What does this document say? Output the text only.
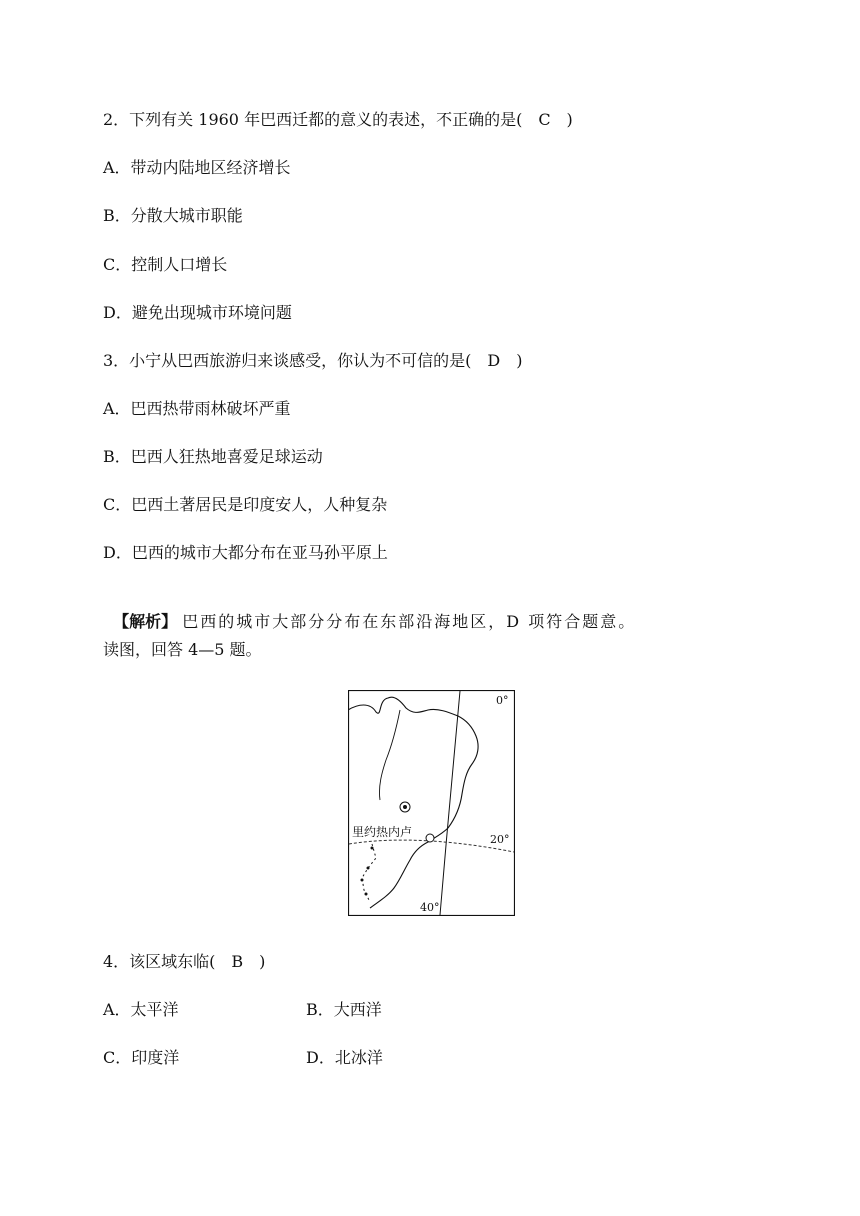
2．下列有关 1960 年巴西迁都的意义的表述，不正确的是(　C　)
A．带动内陆地区经济增长
B．分散大城市职能
C．控制人口增长
D．避免出现城市环境问题
3．小宁从巴西旅游归来谈感受，你认为不可信的是(　D　)
A．巴西热带雨林破坏严重
B．巴西人狂热地喜爱足球运动
C．巴西土著居民是印度安人，人种复杂
D．巴西的城市大都分布在亚马孙平原上

【解析】 巴西的城市大部分分布在东部沿海地区，D 项符合题意。

读图，回答 4—5 题。
0°
里约热内卢
20°
40°
4．该区域东临(　B　)
A．太平洋	B．大西洋
C．印度洋	D．北冰洋
